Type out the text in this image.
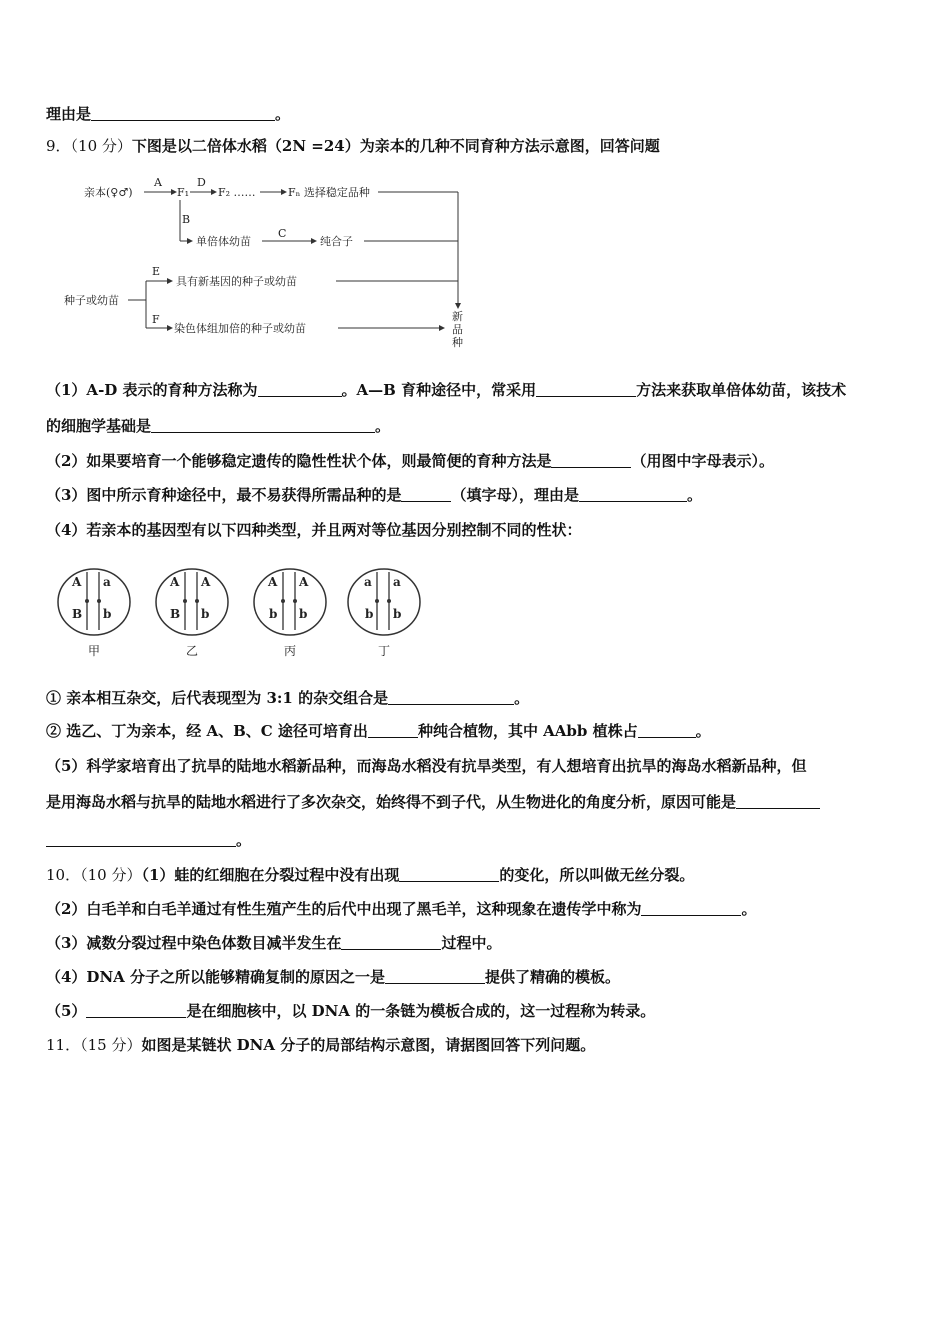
理由是	。
9．（10 分）下图是以二倍体水稻（2N =24）为亲本的几种不同育种方法示意图，回答问题
亲本(♀♂)
A
F₁
D
F₂ ……	Fₙ 选择稳定品种
B
单倍体幼苗
C
纯合子
E
具有新基因的种子或幼苗
种子或幼苗
F
染色体组加倍的种子或幼苗
新
品
种
（1）A-D 表示的育种方法称为	。A—B 育种途径中，常采用	方法来获取单倍体幼苗，该技术
的细胞学基础是	。
（2）如果要培育一个能够稳定遗传的隐性性状个体，则最简便的育种方法是	（用图中字母表示）。
（3）图中所示育种途径中，最不易获得所需品种的是	（填字母），理由是	。
（4）若亲本的基因型有以下四种类型，并且两对等位基因分别控制不同的性状：
A a
B b
甲
A A
B b
乙
A A
b b
丙
a a
b b
丁
① 亲本相互杂交，后代表现型为 3:1 的杂交组合是	。
② 选乙、丁为亲本，经 A、B、C 途径可培育出	种纯合植物，其中 AAbb 植株占	。
（5）科学家培育出了抗旱的陆地水稻新品种，而海岛水稻没有抗旱类型，有人想培育出抗旱的海岛水稻新品种，但
是用海岛水稻与抗旱的陆地水稻进行了多次杂交，始终得不到子代，从生物进化的角度分析，原因可能是
。
10．（10 分）（1）蛙的红细胞在分裂过程中没有出现	的变化，所以叫做无丝分裂。
（2）白毛羊和白毛羊通过有性生殖产生的后代中出现了黑毛羊，这种现象在遗传学中称为	。
（3）减数分裂过程中染色体数目减半发生在	过程中。
（4）DNA 分子之所以能够精确复制的原因之一是	提供了精确的模板。
（5）	是在细胞核中，以 DNA 的一条链为模板合成的，这一过程称为转录。
11．（15 分）如图是某链状 DNA 分子的局部结构示意图，请据图回答下列问题。
